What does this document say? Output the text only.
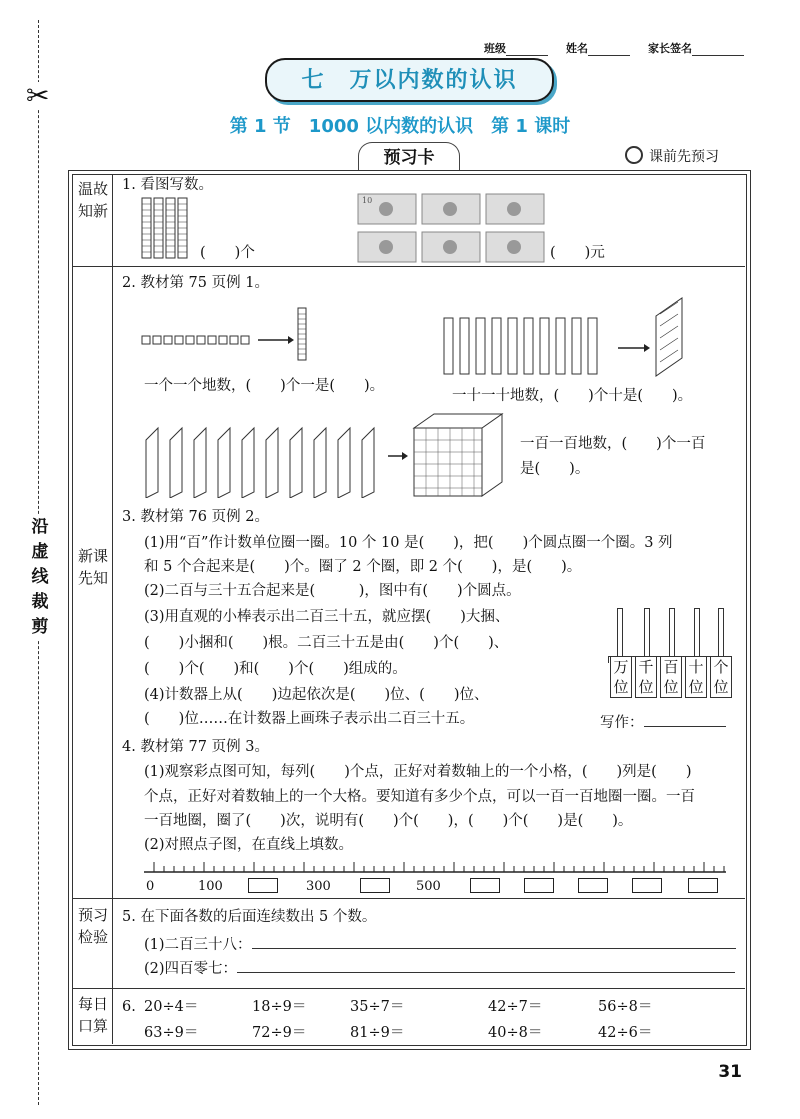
✂
沿虚线裁剪
班级	姓名	家长签名
七　万以内数的认识
第 1 节　1000 以内数的认识　第 1 课时
预习卡	课前先预习
温故知新
新课先知
预习检验
每日口算
1. 看图写数。
(　　)个
10
(　　)元
2. 教材第 75 页例 1。
一个一个地数，(　　)个一是(　　)。
一十一十地数，(　　)个十是(　　)。
一百一百地数，(　　)个一百
是(　　)。
3. 教材第 76 页例 2。
(1)用“百”作计数单位圈一圈。10 个 10 是(　　)，把(　　)个圆点圈一个圈。3 列
和 5 个合起来是(　　)个。圈了 2 个圈，即 2 个(　　)，是(　　)。
(2)二百与三十五合起来是(　　　)，图中有(　　)个圆点。
(3)用直观的小棒表示出二百三十五，就应摆(　　)大捆、
(　　)小捆和(　　)根。二百三十五是由(　　)个(　　)、
(　　)个(　　)和(　　)个(　　)组成的。
(4)计数器上从(　　)边起依次是(　　)位、(　　)位、
(　　)位……在计数器上画珠子表示出二百三十五。
万位
千位
百位
十位
个位
写作：
4. 教材第 77 页例 3。
(1)观察彩点图可知，每列(　　)个点，正好对着数轴上的一个小格，(　　)列是(　　)
个点，正好对着数轴上的一个大格。要知道有多少个点，可以一百一百地圈一圈。一百
一百地圈，圈了(　　)次，说明有(　　)个(　　)，(　　)个(　　)是(　　)。
(2)对照点子图，在直线上填数。
0	100	300	500
5. 在下面各数的后面连续数出 5 个数。
(1)二百三十八：
(2)四百零七：
6. 20÷4＝	18÷9＝	35÷7＝	42÷7＝	56÷8＝
63÷9＝	72÷9＝	81÷9＝	40÷8＝	42÷6＝
31
